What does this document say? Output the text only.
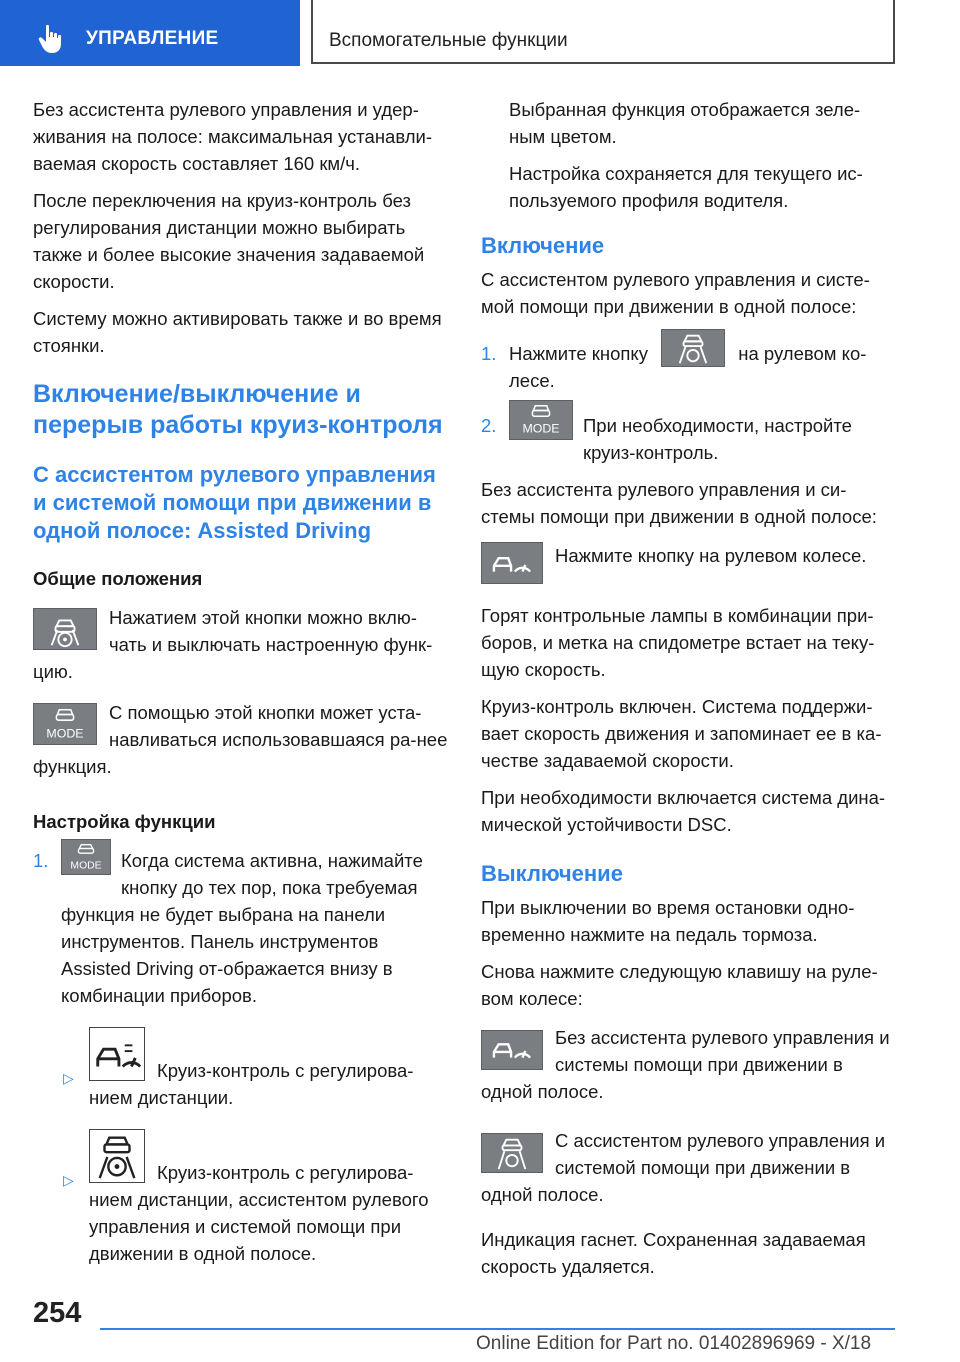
УПРАВЛЕНИЕ	Вспомогательные функции

Без ассистента рулевого управления и удер‐живания на полосе: максимальная устанавли‐ваемая скорость составляет 160 км/ч.

После переключения на круиз-контроль без регулирования дистанции можно выбирать также и более высокие значения задаваемой скорости.

Систему можно активировать также и во время стоянки.

Включение/выключение и перерыв работы круиз-контроля
С ассистентом рулевого управления и системой помощи при движении в одной полосе: Assisted Driving
Общие положения
Нажатием этой кнопки можно вклю‐чать и выключать настроенную функ‐цию.
MODE
С помощью этой кнопки может уста‐навливаться использовавшаяся ра‐нее функция.
Настройка функции
1. MODE Когда система активна, нажимайте кнопку до тех пор, пока требуемая функция не будет выбрана на панели инструментов. Панель инструментов Assisted Driving от‐ображается внизу в комбинации приборов.
▷	Круиз-контроль с регулирова‐нием дистанции.
▷	Круиз-контроль с регулирова‐нием дистанции, ассистентом рулевого управления и системой помощи при движении в одной полосе.

Выбранная функция отображается зеле‐ным цветом.

Настройка сохраняется для текущего ис‐пользуемого профиля водителя.

Включение

С ассистентом рулевого управления и систе‐мой помощи при движении в одной полосе:

1. Нажмите кнопку	на рулевом ко‐лесе.
2. MODE При необходимости, настройте круиз-контроль.

Без ассистента рулевого управления и си‐стемы помощи при движении в одной полосе:

Нажмите кнопку на рулевом колесе.

Горят контрольные лампы в комбинации при‐боров, и метка на спидометре встает на теку‐щую скорость.

Круиз-контроль включен. Система поддержи‐вает скорость движения и запоминает ее в ка‐честве задаваемой скорости.

При необходимости включается система дина‐мической устойчивости DSC.

Выключение

При выключении во время остановки одно‐временно нажмите на педаль тормоза.

Снова нажмите следующую клавишу на руле‐вом колесе:

Без ассистента рулевого управления и системы помощи при движении в одной полосе.
С ассистентом рулевого управления и системой помощи при движении в одной полосе.

Индикация гаснет. Сохраненная задаваемая скорость удаляется.

254
Online Edition for Part no. 01402896969 - X/18
